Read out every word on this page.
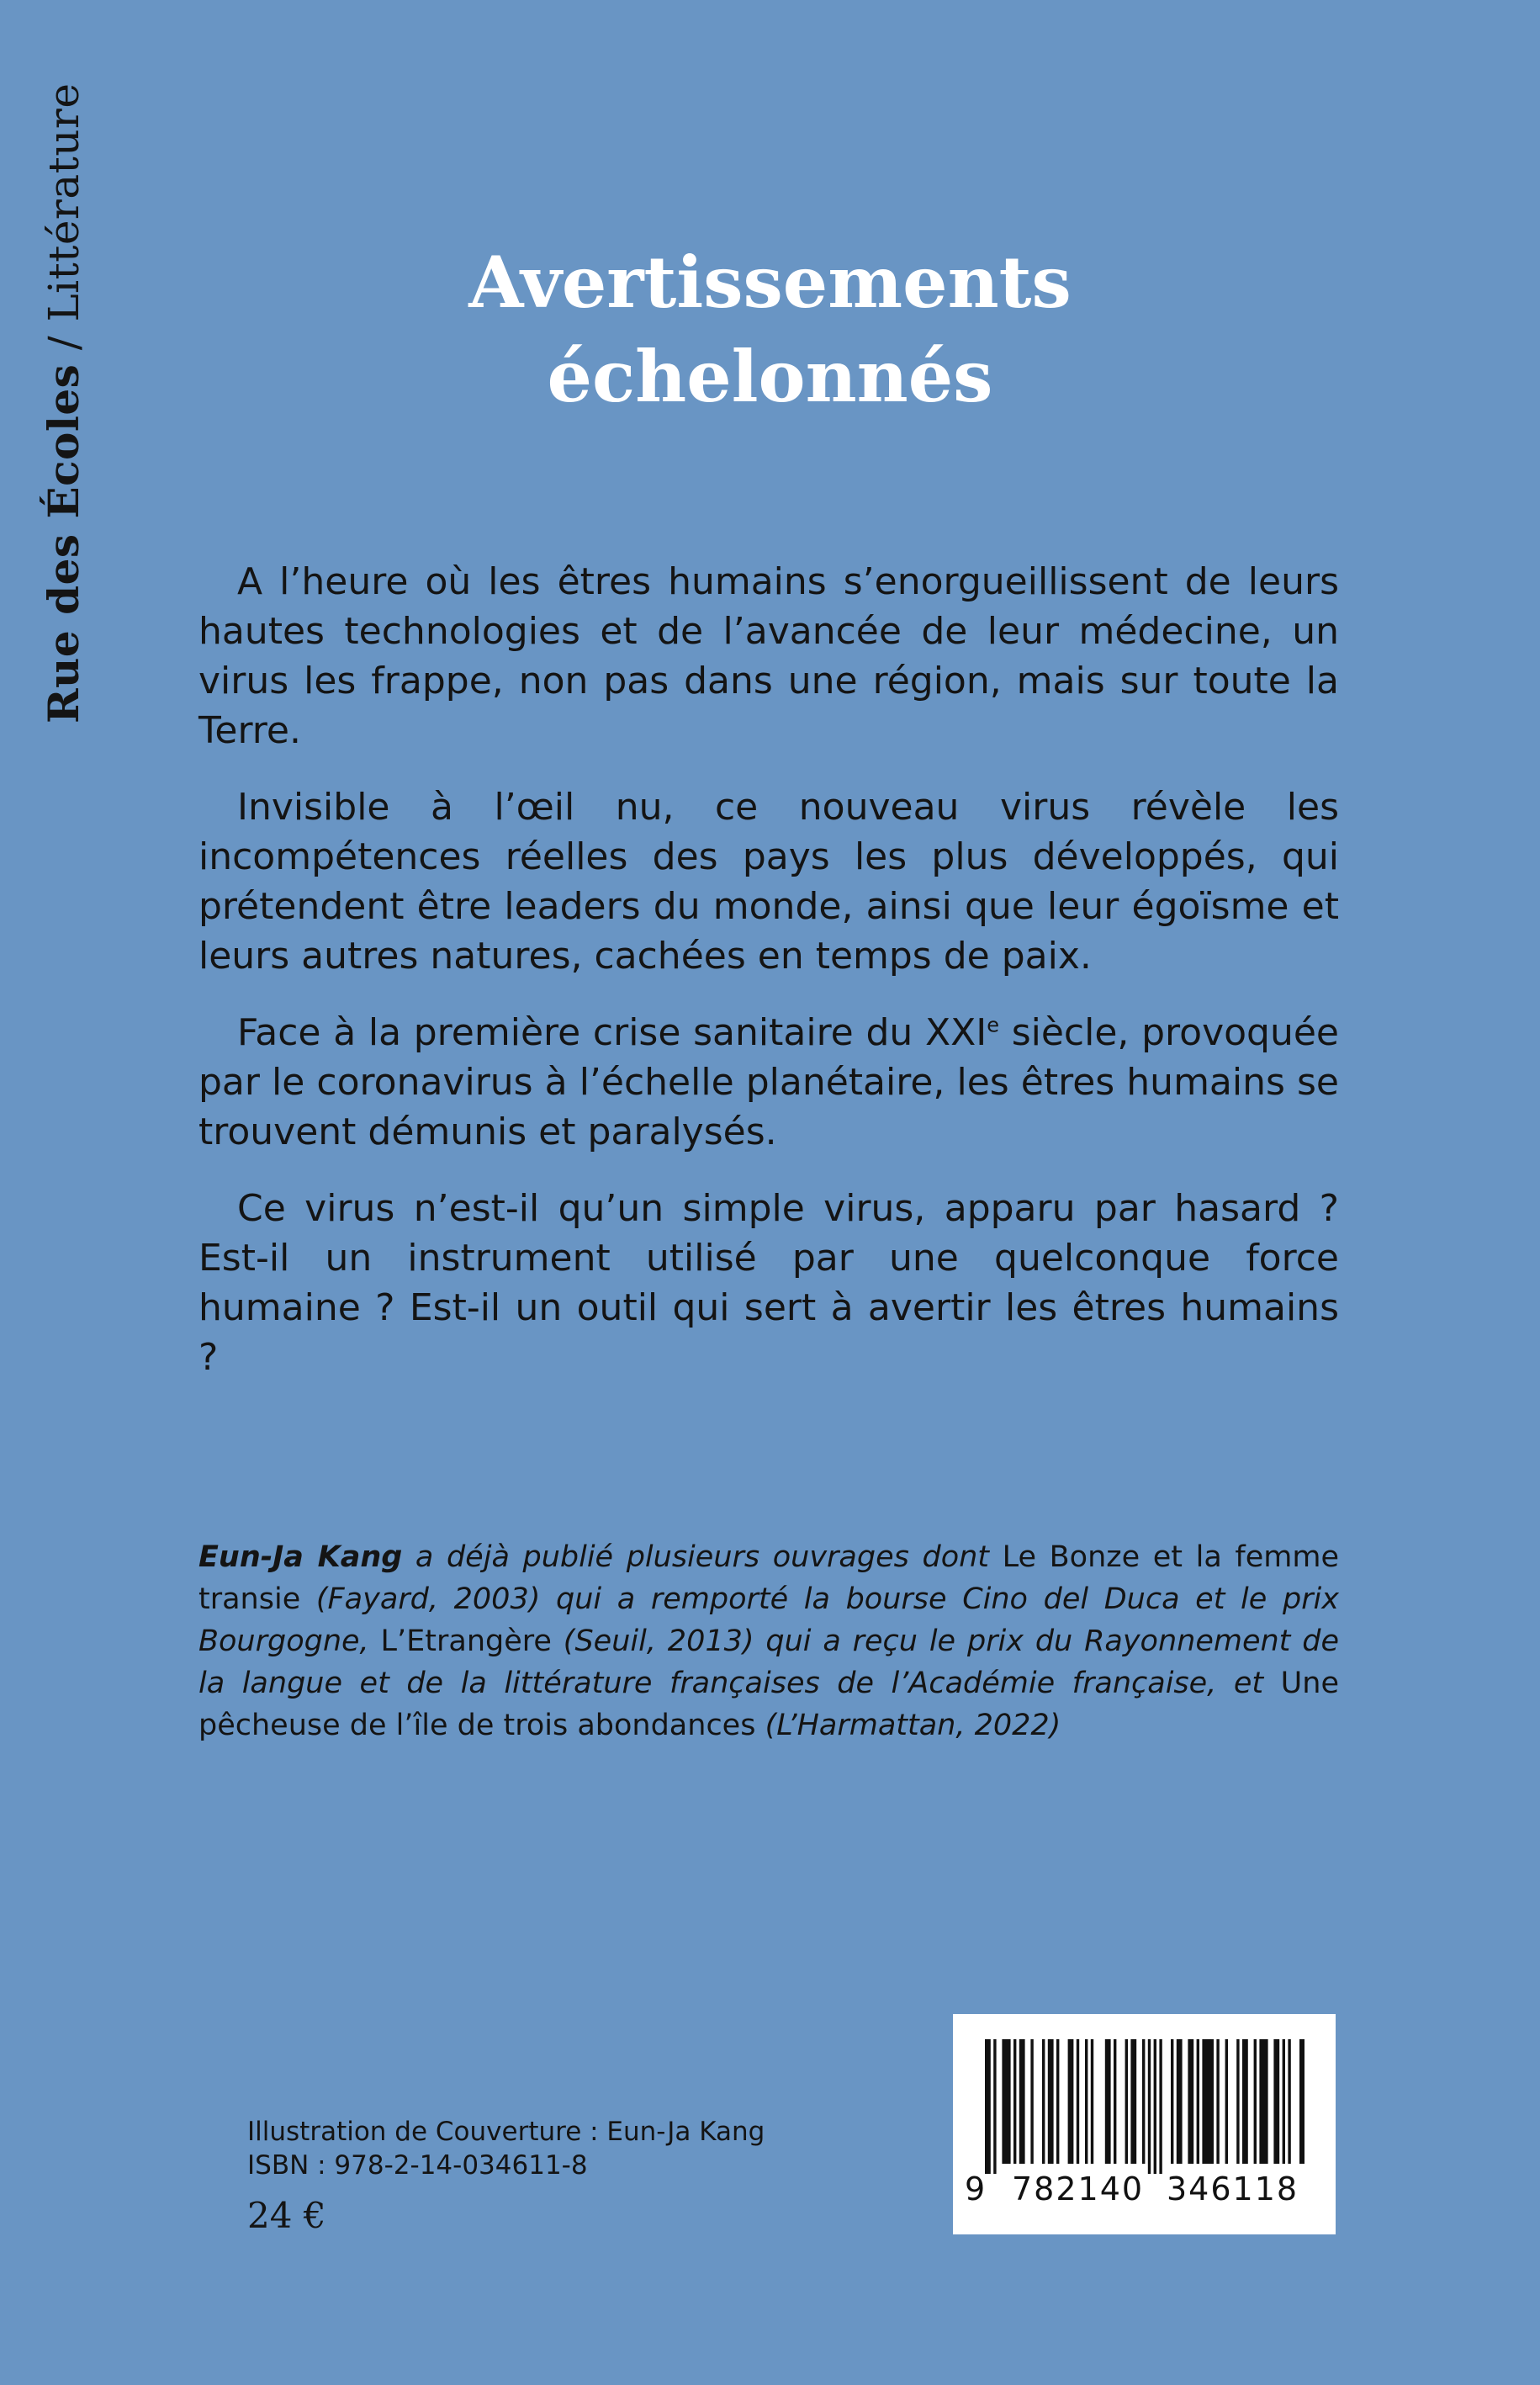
Rue des Écoles / Littérature	Avertissements
échelonnés

A l’heure où les êtres humains s’enorgueillissent de leurs hautes technologies et de l’avancée de leur médecine, un virus les frappe, non pas dans une région, mais sur toute la Terre.

Invisible à l’œil nu, ce nouveau virus révèle les incompétences réelles des pays les plus développés, qui prétendent être leaders du monde, ainsi que leur égoïsme et leurs autres natures, cachées en temps de paix.

Face à la première crise sanitaire du XXIe siècle, provoquée par le coronavirus à l’échelle planétaire, les êtres humains se trouvent démunis et paralysés.

Ce virus n’est-il qu’un simple virus, apparu par hasard ? Est-il un instrument utilisé par une quelconque force humaine ? Est-il un outil qui sert à avertir les êtres humains ?

Eun-Ja Kang a déjà publié plusieurs ouvrages dont Le Bonze et la femme transie (Fayard, 2003) qui a remporté la bourse Cino del Duca et le prix Bourgogne, L’Etrangère (Seuil, 2013) qui a reçu le prix du Rayonnement de la langue et de la littérature françaises de l’Académie française, et Une pêcheuse de l’île de trois abondances (L’Harmattan, 2022)

Illustration de Couverture : Eun-Ja Kang
ISBN : 978-2-14-034611-8
24 €
9 782140 346118
